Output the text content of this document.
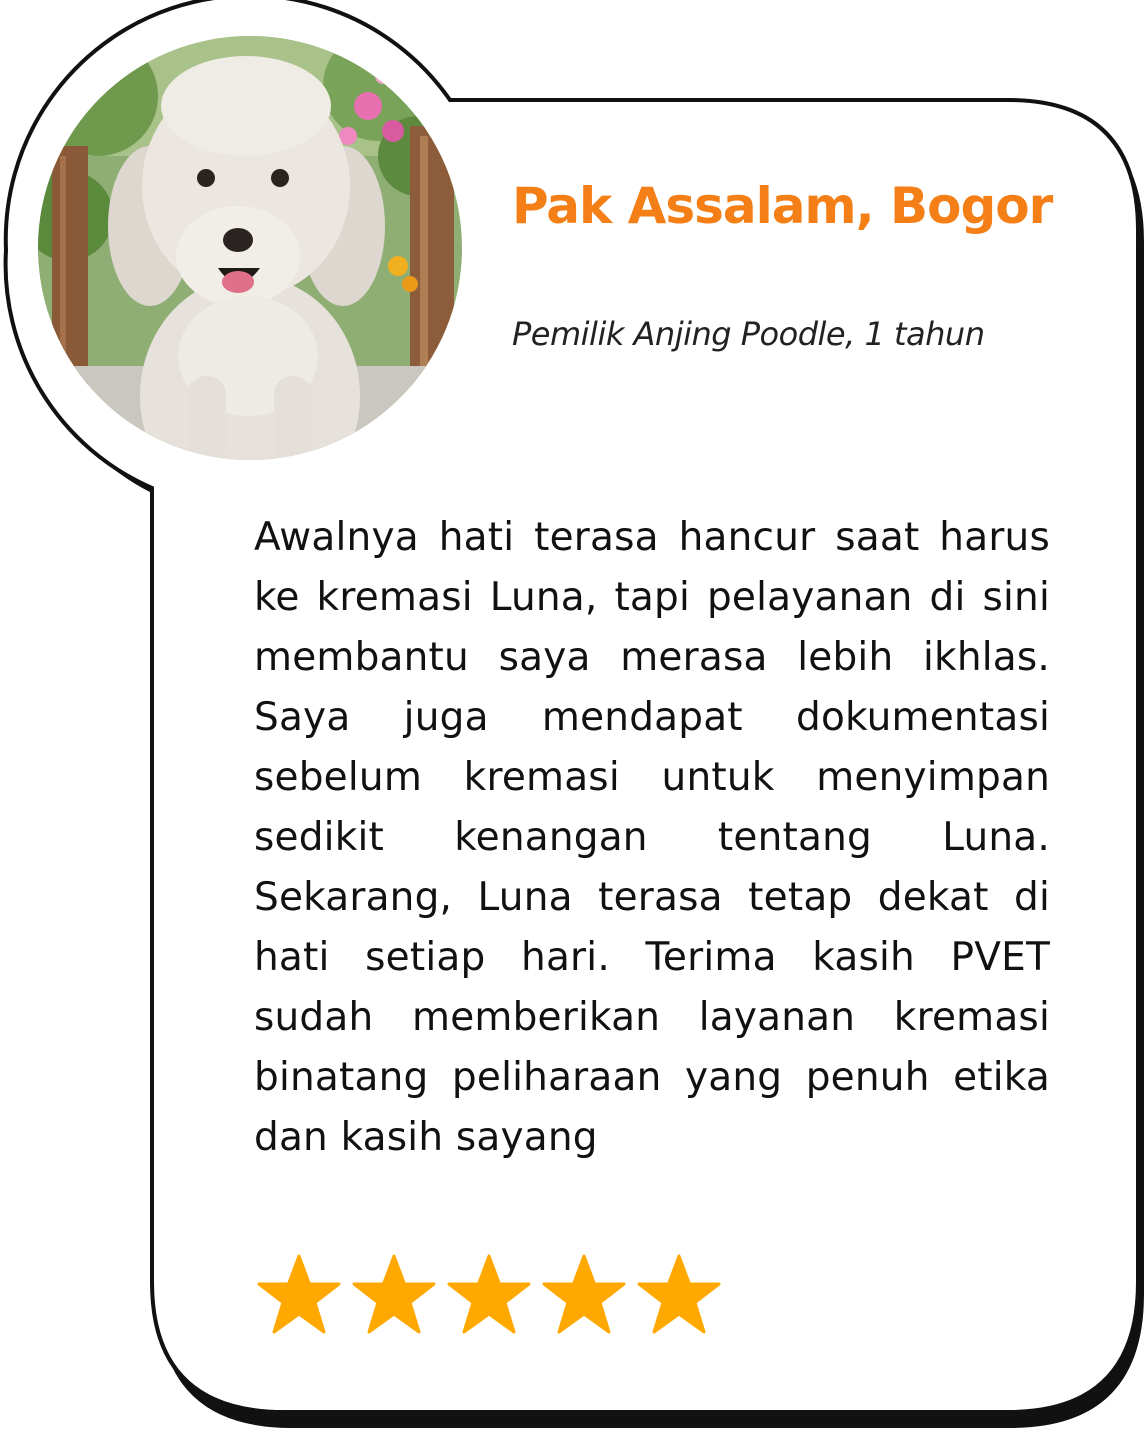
Pak Assalam, Bogor

Pemilik Anjing Poodle, 1 tahun

Awalnya hati terasa hancur saat harus ke kremasi Luna, tapi pelayanan di sini membantu saya merasa lebih ikhlas. Saya juga mendapat dokumentasi sebelum kremasi untuk menyimpan sedikit kenangan tentang Luna. Sekarang, Luna terasa tetap dekat di hati setiap hari. Terima kasih PVET sudah memberikan layanan kremasi binatang peliharaan yang penuh etika dan kasih sayang
